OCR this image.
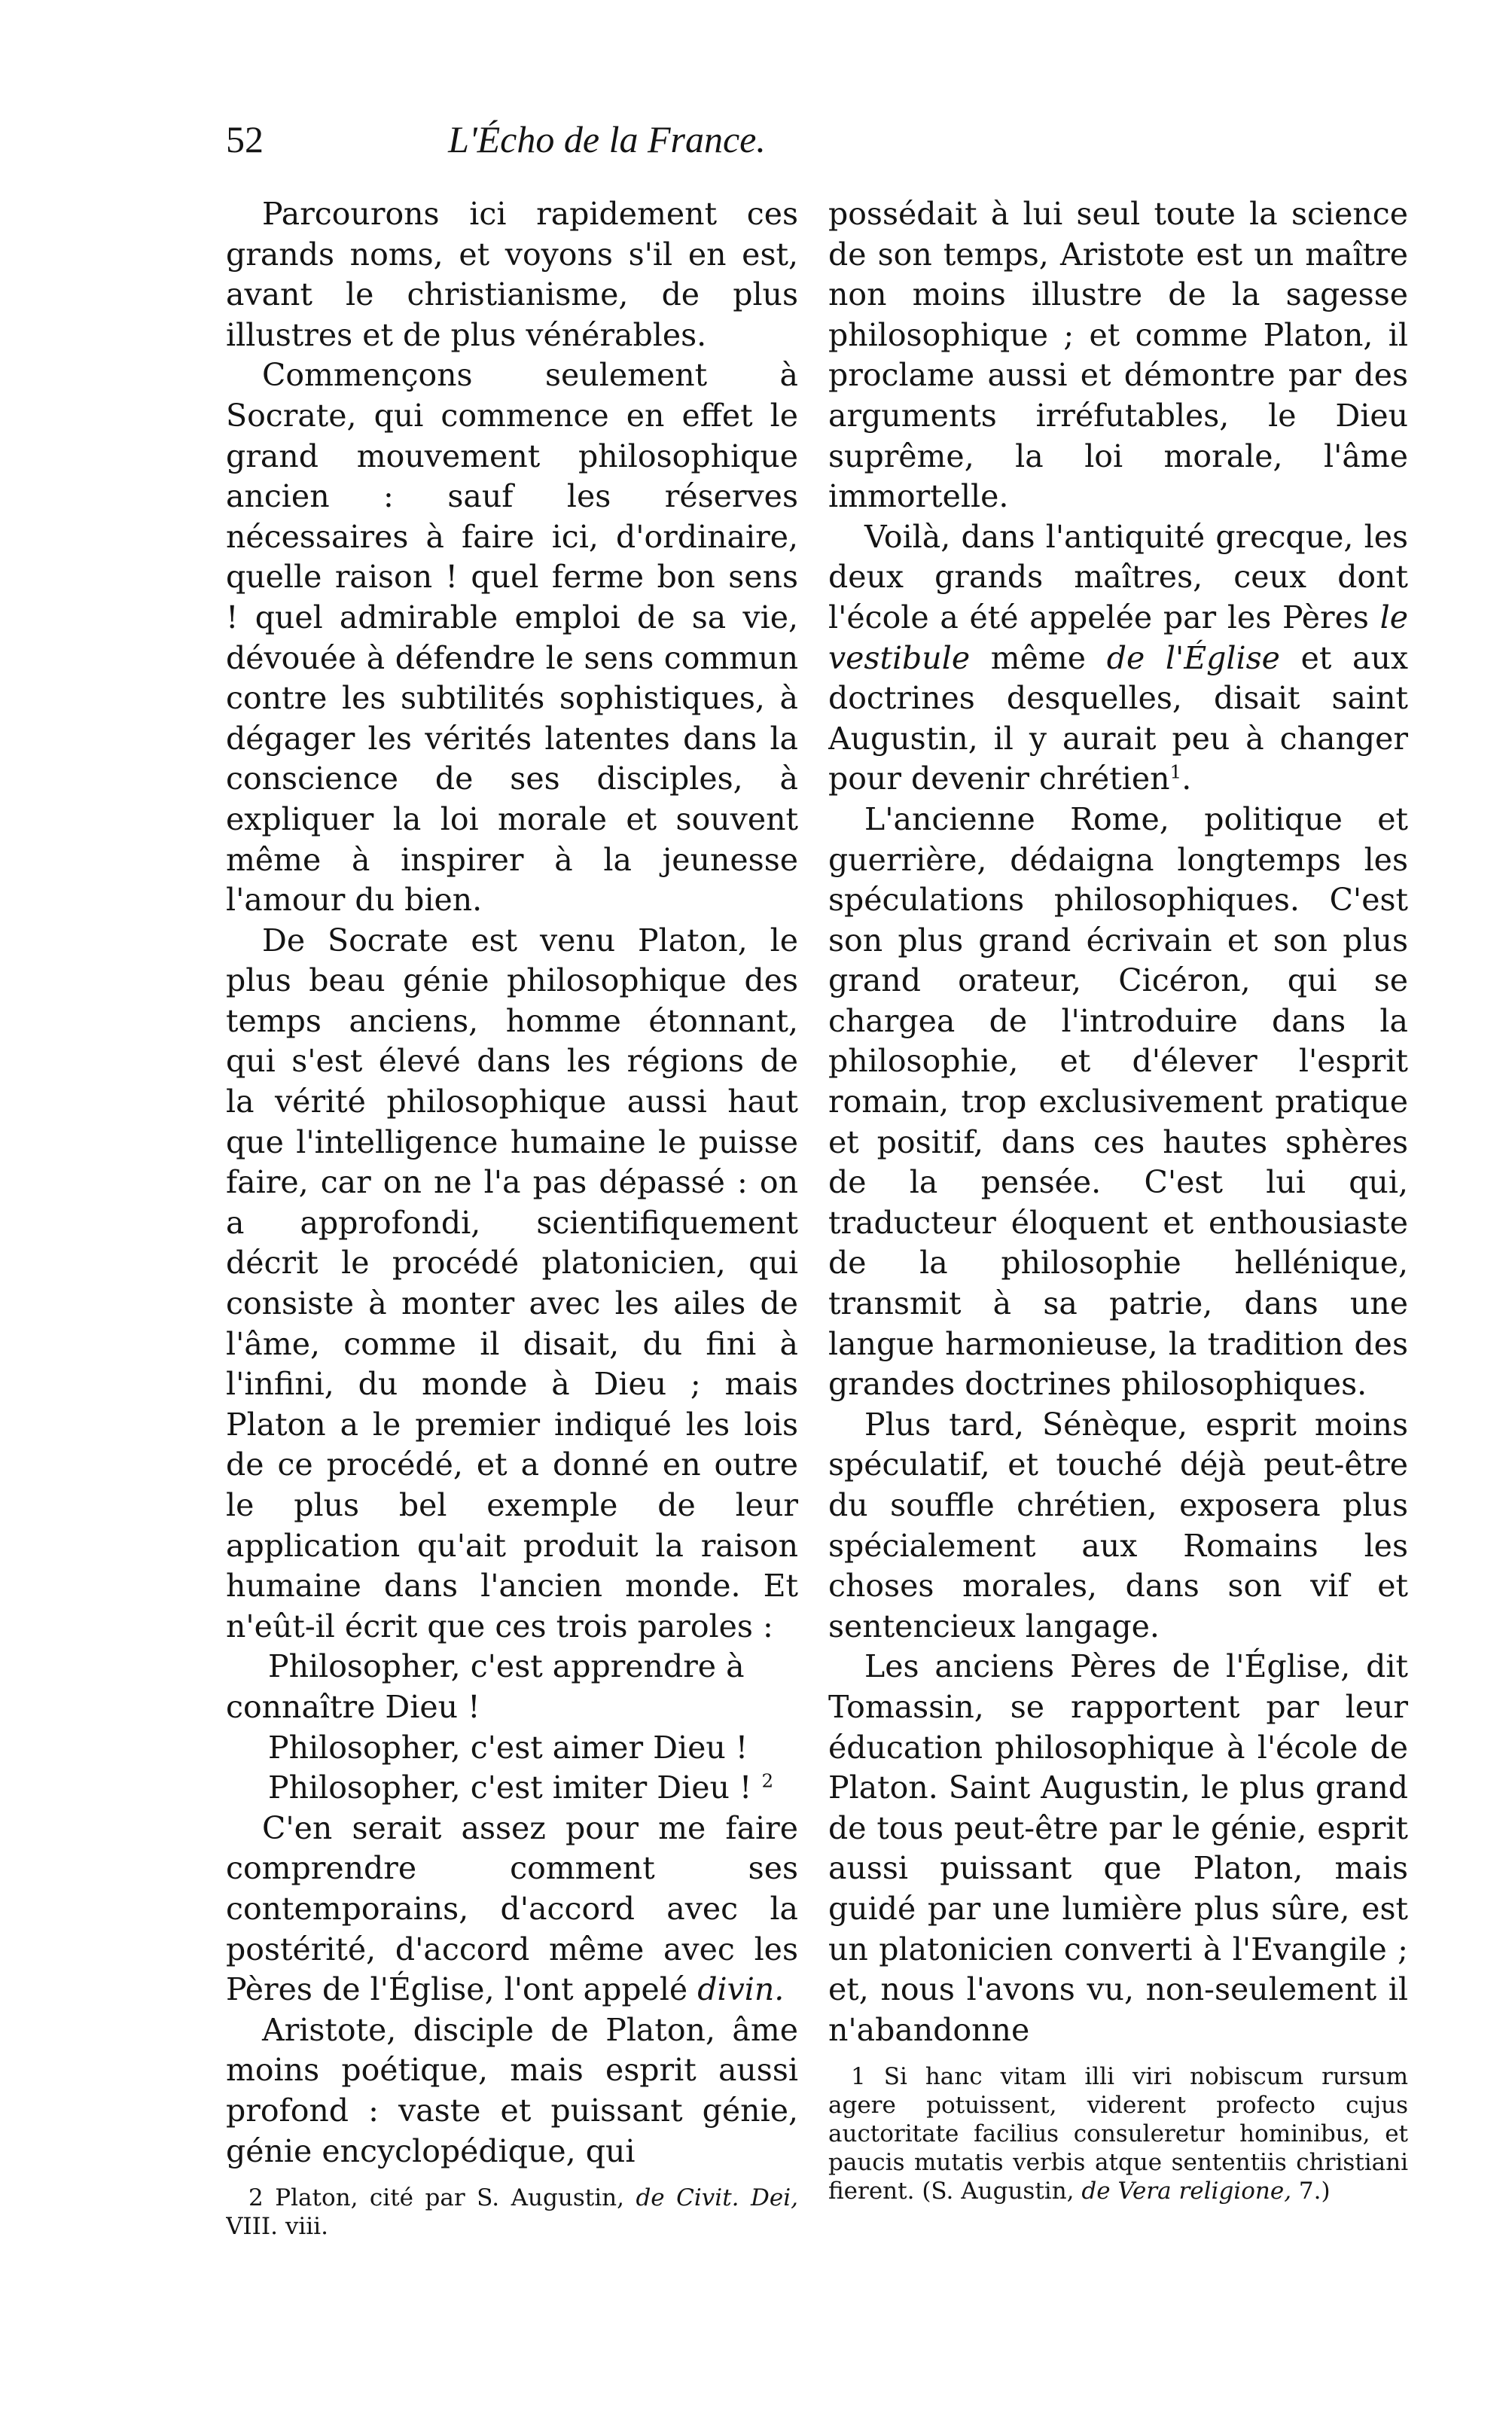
52	L'Écho de la France.

Parcourons ici rapidement ces grands noms, et voyons s'il en est, avant le christianisme, de plus illustres et de plus vénérables.

Commençons seulement à Socrate, qui commence en effet le grand mouvement philosophique ancien : sauf les réserves nécessaires à faire ici, d'ordinaire, quelle raison ! quel ferme bon sens ! quel admirable emploi de sa vie, dévouée à défendre le sens commun contre les subtilités sophistiques, à dégager les vérités latentes dans la conscience de ses disciples, à expliquer la loi morale et souvent même à inspirer à la jeunesse l'amour du bien.

De Socrate est venu Platon, le plus beau génie philosophique des temps anciens, homme étonnant, qui s'est élevé dans les régions de la vérité philosophique aussi haut que l'intelligence humaine le puisse faire, car on ne l'a pas dépassé : on a approfondi, scientifiquement décrit le procédé platonicien, qui consiste à monter avec les ailes de l'âme, comme il disait, du fini à l'infini, du monde à Dieu ; mais Platon a le premier indiqué les lois de ce procédé, et a donné en outre le plus bel exemple de leur application qu'ait produit la raison humaine dans l'ancien monde. Et n'eût-il écrit que ces trois paroles :

Philosopher, c'est apprendre à connaître Dieu !

Philosopher, c'est aimer Dieu !

Philosopher, c'est imiter Dieu ! $^2$

C'en serait assez pour me faire comprendre comment ses contemporains, d'accord avec la postérité, d'accord même avec les Pères de l'Église, l'ont appelé divin.

Aristote, disciple de Platon, âme moins poétique, mais esprit aussi profond : vaste et puissant génie, génie encyclopédique, qui

2 Platon, cité par S. Augustin, de Civit. Dei, VIII. viii.

possédait à lui seul toute la science de son temps, Aristote est un maître non moins illustre de la sagesse philosophique ; et comme Platon, il proclame aussi et démontre par des arguments irréfutables, le Dieu suprême, la loi morale, l'âme immortelle.

Voilà, dans l'antiquité grecque, les deux grands maîtres, ceux dont l'école a été appelée par les Pères le vestibule même de l'Église et aux doctrines desquelles, disait saint Augustin, il y aurait peu à changer pour devenir chrétien$^1$.

L'ancienne Rome, politique et guerrière, dédaigna longtemps les spéculations philosophiques. C'est son plus grand écrivain et son plus grand orateur, Cicéron, qui se chargea de l'introduire dans la philosophie, et d'élever l'esprit romain, trop exclusivement pratique et positif, dans ces hautes sphères de la pensée. C'est lui qui, traducteur éloquent et enthousiaste de la philosophie hellénique, transmit à sa patrie, dans une langue harmonieuse, la tradition des grandes doctrines philosophiques.

Plus tard, Sénèque, esprit moins spéculatif, et touché déjà peut-être du souffle chrétien, exposera plus spécialement aux Romains les choses morales, dans son vif et sentencieux langage.

Les anciens Pères de l'Église, dit Tomassin, se rapportent par leur éducation philosophique à l'école de Platon. Saint Augustin, le plus grand de tous peut-être par le génie, esprit aussi puissant que Platon, mais guidé par une lumière plus sûre, est un platonicien converti à l'Evangile ; et, nous l'avons vu, non-seulement il n'abandonne

1 Si hanc vitam illi viri nobiscum rursum agere potuissent, viderent profecto cujus auctoritate facilius consuleretur hominibus, et paucis mutatis verbis atque sententiis christiani fierent. (S. Augustin, de Vera religione, 7.)
